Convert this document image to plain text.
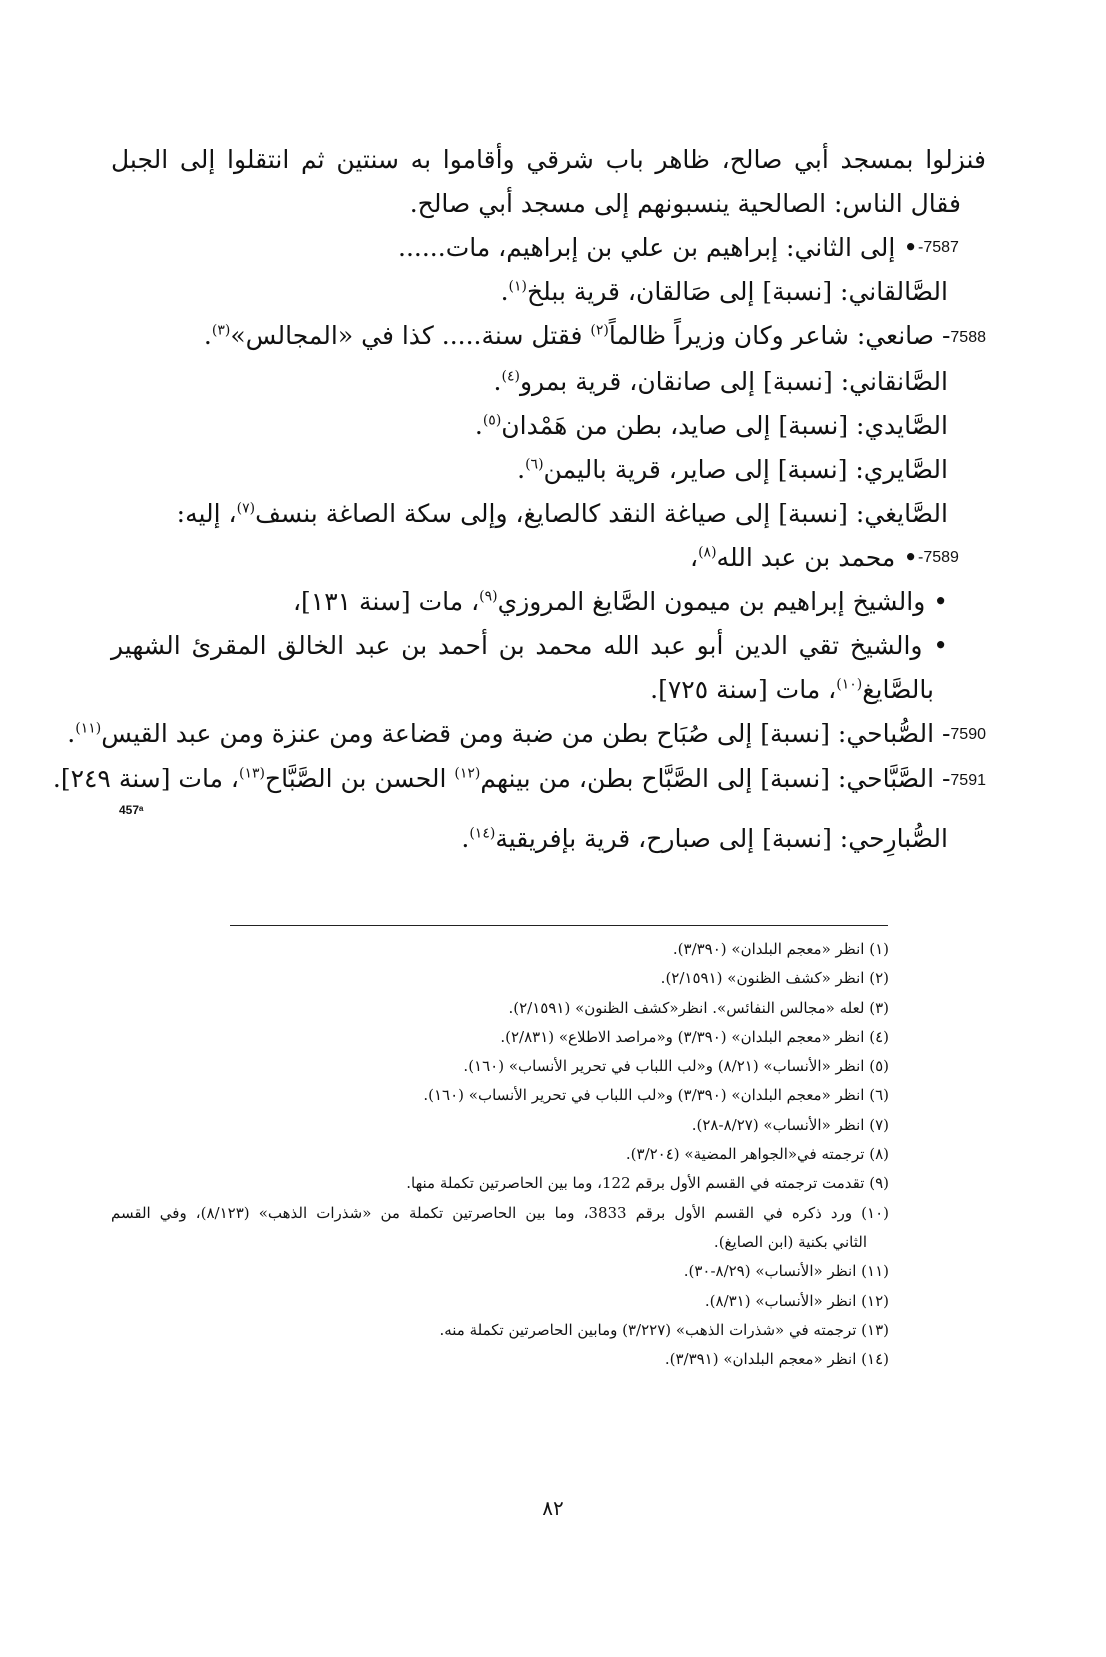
فنزلوا بمسجد أبي صالح، ظاهر باب شرقي وأقاموا به سنتين ثم انتقلوا إلى الجبل
فقال الناس: الصالحية ينسبونهم إلى مسجد أبي صالح.
-7587
• إلى الثاني: إبراهيم بن علي بن إبراهيم، مات......
الصَّالقاني: [نسبة] إلى صَالقان، قرية ببلخ$^{(١)}$.
7588- صانعي: شاعر وكان وزيراً ظالماً$^{(٢)}$ فقتل سنة..... كذا في «المجالس»$^{(٣)}$.
الصَّانقاني: [نسبة] إلى صانقان، قرية بمرو$^{(٤)}$.
الصَّايدي: [نسبة] إلى صايد، بطن من هَمْدان$^{(٥)}$.
الصَّايري: [نسبة] إلى صاير، قرية باليمن$^{(٦)}$.
الصَّايغي: [نسبة] إلى صياغة النقد كالصايغ، وإلى سكة الصاغة بنسف$^{(٧)}$، إليه:
-7589
• محمد بن عبد الله$^{(٨)}$،
• والشيخ إبراهيم بن ميمون الصَّايغ المروزي$^{(٩)}$، مات [سنة ١٣١]،
• والشيخ تقي الدين أبو عبد الله محمد بن أحمد بن عبد الخالق المقرئ الشهير
بالصَّايغ$^{(١٠)}$، مات [سنة ٧٢٥].
7590- الصُّباحي: [نسبة] إلى صُبَاح بطن من ضبة ومن قضاعة ومن عنزة ومن عبد القيس$^{(١١)}$.
7591- الصَّبَّاحي: [نسبة] إلى الصَّبَّاح بطن، من بينهم$^{(١٢)}$ الحسن بن الصَّبَّاح$^{(١٣)}$، مات [سنة ٢٤٩].
457ᵃ
الصُّبارِحي: [نسبة] إلى صبارح، قرية بإفريقية$^{(١٤)}$.
(١) انظر «معجم البلدان» (٣/٣٩٠).
(٢) انظر «كشف الظنون» (٢/١٥٩١).
(٣) لعله «مجالس النفائس». انظر«كشف الظنون» (٢/١٥٩١).
(٤) انظر «معجم البلدان» (٣/٣٩٠) و«مراصد الاطلاع» (٢/٨٣١).
(٥) انظر «الأنساب» (٨/٢١) و«لب اللباب في تحرير الأنساب» (١٦٠).
(٦) انظر «معجم البلدان» (٣/٣٩٠) و«لب اللباب في تحرير الأنساب» (١٦٠).
(٧) انظر «الأنساب» (٨/٢٧-٢٨).
(٨) ترجمته في«الجواهر المضية» (٣/٢٠٤).
(٩) تقدمت ترجمته في القسم الأول برقم 122، وما بين الحاصرتين تكملة منها.
(١٠) ورد ذكره في القسم الأول برقم 3833، وما بين الحاصرتين تكملة من «شذرات الذهب» (٨/١٢٣)، وفي القسم
الثاني بكنية (ابن الصايغ).
(١١) انظر «الأنساب» (٨/٢٩-٣٠).
(١٢) انظر «الأنساب» (٨/٣١).
(١٣) ترجمته في «شذرات الذهب» (٣/٢٢٧) ومابين الحاصرتين تكملة منه.
(١٤) انظر «معجم البلدان» (٣/٣٩١).
٨٢
